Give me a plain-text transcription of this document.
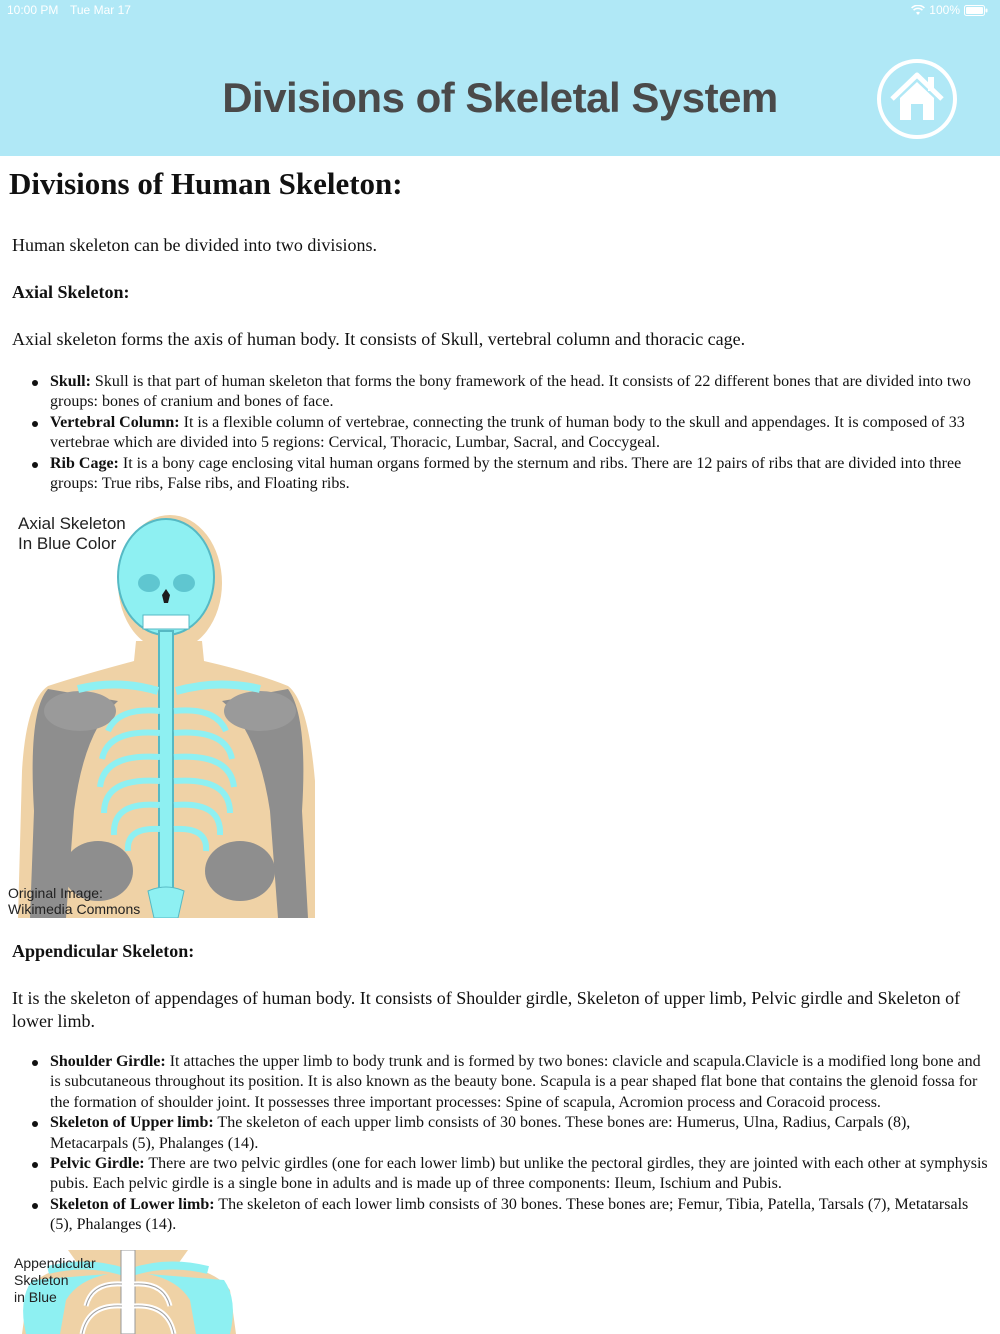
10:00 PM Tue Mar 17	100%
Divisions of Skeletal System
Divisions of Human Skeleton:

Human skeleton can be divided into two divisions.

Axial Skeleton:

Axial skeleton forms the axis of human body. It consists of Skull, vertebral column and thoracic cage.

Skull: Skull is that part of human skeleton that forms the bony framework of the head. It consists of 22 different bones that are divided into two groups: bones of cranium and bones of face.
Vertebral Column: It is a flexible column of vertebrae, connecting the trunk of human body to the skull and appendages. It is composed of 33 vertebrae which are divided into 5 regions: Cervical, Thoracic, Lumbar, Sacral, and Coccygeal.
Rib Cage: It is a bony cage enclosing vital human organs formed by the sternum and ribs. There are 12 pairs of ribs that are divided into three groups: True ribs, False ribs, and Floating ribs.
Axial Skeleton
In Blue Color
Original Image:
Wikimedia Commons

Appendicular Skeleton:

It is the skeleton of appendages of human body. It consists of Shoulder girdle, Skeleton of upper limb, Pelvic girdle and Skeleton of lower limb.

Shoulder Girdle: It attaches the upper limb to body trunk and is formed by two bones: clavicle and scapula.Clavicle is a modified long bone and is subcutaneous throughout its position. It is also known as the beauty bone. Scapula is a pear shaped flat bone that contains the glenoid fossa for the formation of shoulder joint. It possesses three important processes: Spine of scapula, Acromion process and Coracoid process.
Skeleton of Upper limb: The skeleton of each upper limb consists of 30 bones. These bones are: Humerus, Ulna, Radius, Carpals (8), Metacarpals (5), Phalanges (14).
Pelvic Girdle: There are two pelvic girdles (one for each lower limb) but unlike the pectoral girdles, they are jointed with each other at symphysis pubis. Each pelvic girdle is a single bone in adults and is made up of three components: Ileum, Ischium and Pubis.
Skeleton of Lower limb: The skeleton of each lower limb consists of 30 bones. These bones are; Femur, Tibia, Patella, Tarsals (7), Metatarsals (5), Phalanges (14).
Appendicular
Skeleton
in Blue
